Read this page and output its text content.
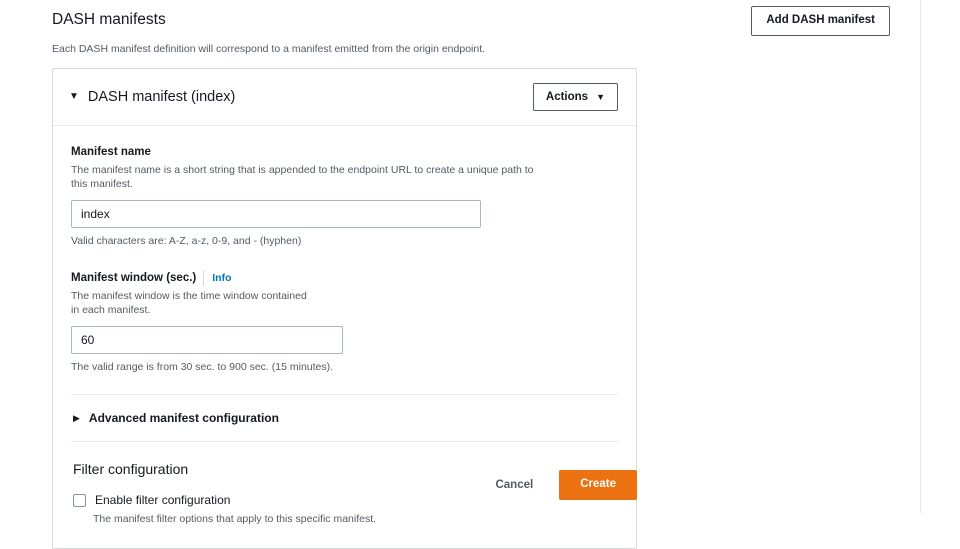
DASH manifests	Add DASH manifest
Each DASH manifest definition will correspond to a manifest emitted from the origin endpoint.
▼ DASH manifest (index)	Actions ▼
Manifest name
The manifest name is a short string that is appended to the endpoint URL to create a unique path to this manifest.
index
Valid characters are: A-Z, a-z, 0-9, and - (hyphen)
Manifest window (sec.)	Info
The manifest window is the time window contained in each manifest.
60
The valid range is from 30 sec. to 900 sec. (15 minutes).
▶ Advanced manifest configuration
Filter configuration
Enable filter configuration
The manifest filter options that apply to this specific manifest.
Cancel	Create
